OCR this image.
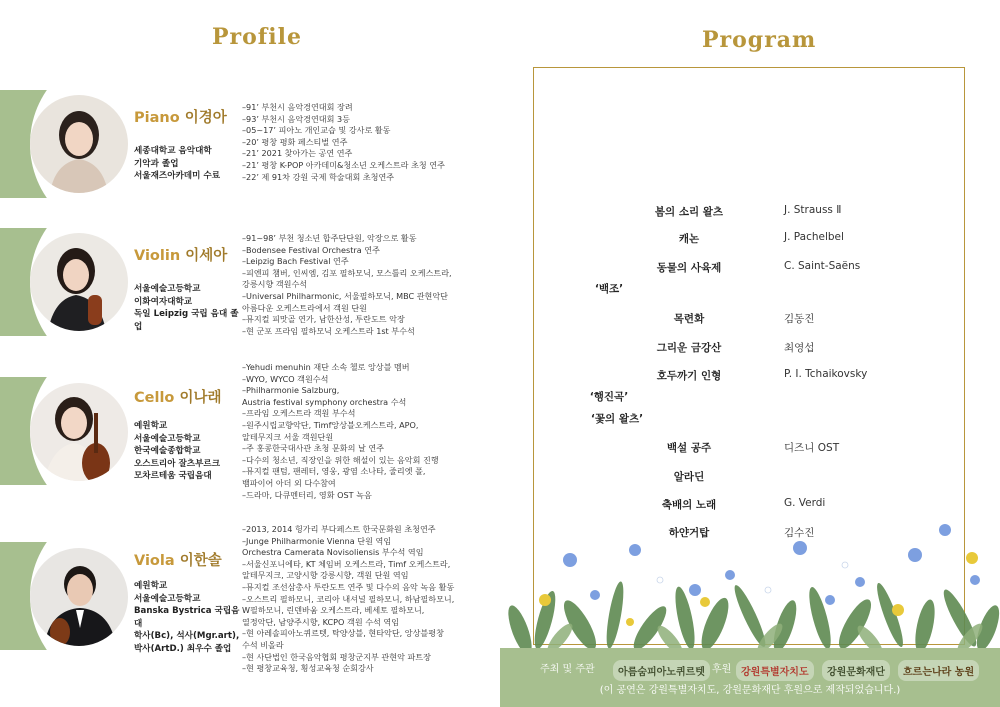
Profile
Piano 이경아
세종대학교 음악대학
기악과 졸업
서울재즈아카데미 수료
–91’ 부천시 음악경연대회 장려
–93’ 부천시 음악경연대회 3등
–05~17’ 피아노 개인교습 및 강사로 활동
–20’ 평창 평화 페스티벌 연주
–21’ 2021 찾아가는 공연 연주
–21’ 평창 K-POP 아카데미&청소년 오케스트라 초청 연주
–22’ 제 91차 강원 국제 학술대회 초청연주
Violin 이세아
서울예술고등학교
이화여자대학교
독일 Leipzig 국립 음대 졸업
–91~98’ 부천 청소년 합주단단원, 악장으로 활동
–Bodensee Festival Orchestra 연주
–Leipzig Bach Festival 연주
–피엔피 챔버, 인씨엠, 김포 필하모닉, 모스틀리 오케스트라,
강릉시향 객원수석
–Universal Philharmonic, 서울필하모닉, MBC 관현악단
아름다운 오케스트라에서 객원 단원
–뮤지컬 피맛골 연가, 남한산성, 투란도트 악장
–현 군포 프라임 필하모닉 오케스트라 1st 부수석
Cello 이나래
예원학교
서울예술고등학교
한국예술종합학교
오스트리아 잘츠부르크
모차르테움 국립음대
–Yehudi menuhin 재단 소속 첼로 앙상블 멤버
–WYO, WYCO 객원수석
–Philharmonie Salzburg,
Austria festival symphony orchestra 수석
–프라임 오케스트라 객원 부수석
–원주시립교향악단, Timf앙상블오케스트라, APO,
알테무지크 서울 객원단원
–주 홍콩한국대사관 초청 문화의 날 연주
–다수의 청소년, 직장인을 위한 해설이 있는 음악회 진행
–뮤지컬 팬텀, 팬레터, 영웅, 광염 소나타, 줄리엣 폴,
뱀파이어 아더 외 다수참여
–드라마, 다큐멘터리, 영화 OST 녹음
Viola 이한솔
예원학교
서울예술고등학교
Banska Bystrica 국립음대
학사(Bc), 석사(Mgr.art),
박사(ArtD.) 최우수 졸업
–2013, 2014 헝가리 부다페스트 한국문화원 초청연주
–Junge Philharmonie Vienna 단원 역임
Orchestra Camerata Novisoliensis 부수석 역임
–서울신포니에타, KT 체임버 오케스트라, Timf 오케스트라,
알테무지크, 고양시향 강릉시향, 객원 단원 역임
–뮤지컬 조선삼총사 투란도트 연주 및 다수의 음악 녹음 활동
–오스트리 필하모니, 코리아 내셔널 필하모니, 하남필하모니,
W필하모니, 린덴바움 오케스트라, 베세토 필하모니,
열정악단, 남양주시향, KCPO 객원 수석 역임
–현 아레솔피아노퀴르텟, 탁양상블, 현타악단, 앙상블평창
수석 비올라
–현 사단법인 한국음악협회 평창군지부 관현악 파트장
–현 평창교육청, 횡성교육청 순회강사
Program
봄의 소리 왈츠	J. Strauss Ⅱ
캐논	J. Pachelbel
동물의 사육제	C. Saint-Saëns
‘백조’
목련화	김동진
그리운 금강산	최영섭
호두까기 인형	P. I. Tchaikovsky
‘행진곡’
‘꽃의 왈츠’
백설 공주	디즈니 OST
알라딘
축배의 노래	G. Verdi
하얀거탑	김수진
주최 및 주관	아름숨피아노퀴르텟 후원 강원특별자치도	강원문화재단	흐르는나라 농원
(이 공연은 강원특별자치도, 강원문화재단 후원으로 제작되었습니다.)
